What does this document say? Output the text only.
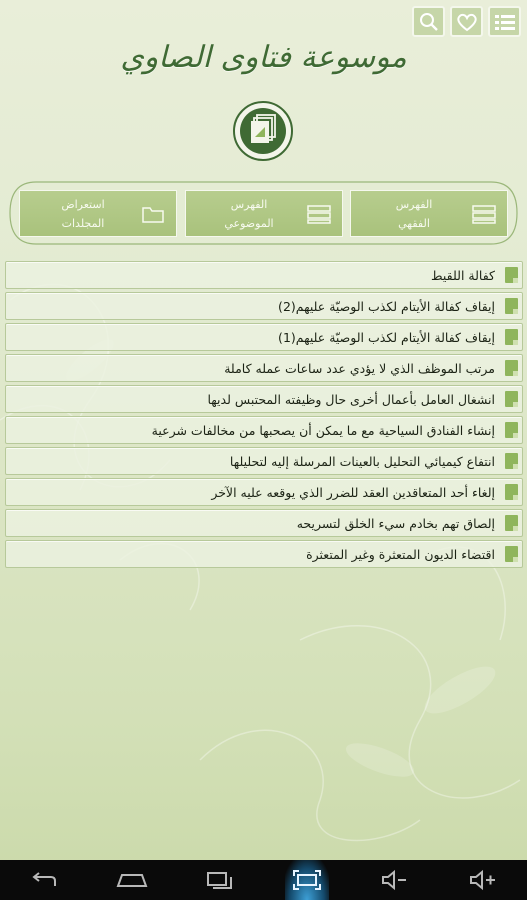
موسوعة فتاوى الصاوي
الفهرس
الفقهي
الفهرس
الموضوعي
استعراض
المجلدات
كفالة اللقيط
إيقاف كفالة الأيتام لكذب الوصيّة عليهم(2)
إيقاف كفالة الأيتام لكذب الوصيّة عليهم(1)
مرتب الموظف الذي لا يؤدي عدد ساعات عمله كاملة
انشغال العامل بأعمال أخرى حال وظيفته المحتبس لديها
إنشاء الفنادق السياحية مع ما يمكن أن يصحبها من مخالفات شرعية
انتفاع كيميائي التحليل بالعينات المرسلة إليه لتحليلها
إلغاء أحد المتعاقدين العقد للضرر الذي يوقعه عليه الآخر
إلصاق تهم بخادم سيء الخلق لتسريحه
اقتضاء الديون المتعثرة وغير المتعثرة
